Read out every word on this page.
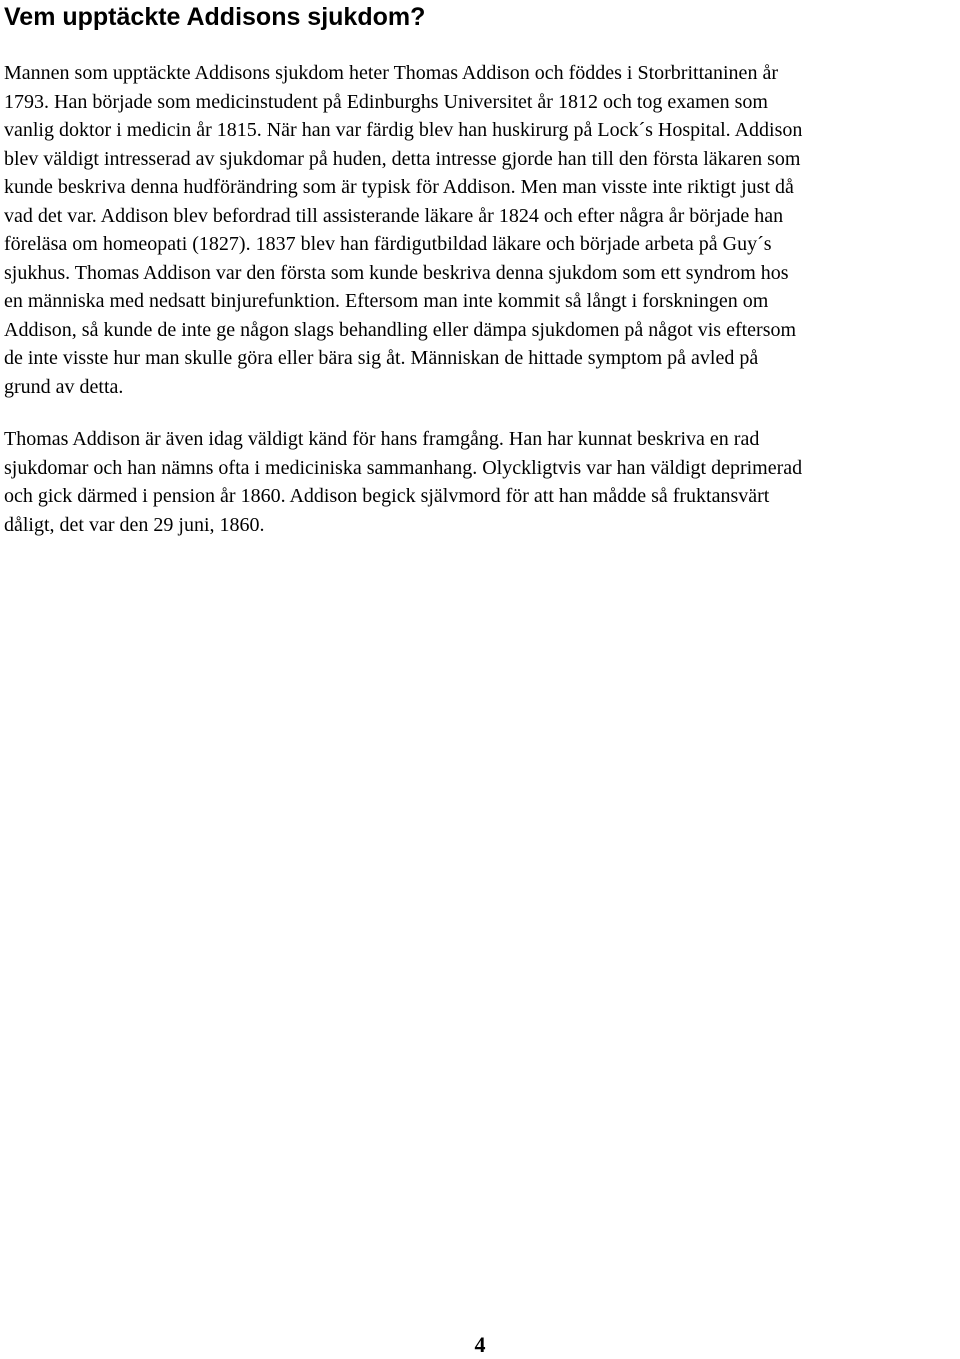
Vem upptäckte Addisons sjukdom?

Mannen som upptäckte Addisons sjukdom heter Thomas Addison och föddes i Storbrittaninen år
1793. Han började som medicinstudent på Edinburghs Universitet år 1812 och tog examen som
vanlig doktor i medicin år 1815. När han var färdig blev han huskirurg på Lock´s Hospital. Addison
blev väldigt intresserad av sjukdomar på huden, detta intresse gjorde han till den första läkaren som
kunde beskriva denna hudförändring som är typisk för Addison. Men man visste inte riktigt just då
vad det var. Addison blev befordrad till assisterande läkare år 1824 och efter några år började han
föreläsa om homeopati (1827). 1837 blev han färdigutbildad läkare och började arbeta på Guy´s
sjukhus. Thomas Addison var den första som kunde beskriva denna sjukdom som ett syndrom hos
en människa med nedsatt binjurefunktion. Eftersom man inte kommit så långt i forskningen om
Addison, så kunde de inte ge någon slags behandling eller dämpa sjukdomen på något vis eftersom
de inte visste hur man skulle göra eller bära sig åt. Människan de hittade symptom på avled på
grund av detta.

Thomas Addison är även idag väldigt känd för hans framgång. Han har kunnat beskriva en rad
sjukdomar och han nämns ofta i mediciniska sammanhang. Olyckligtvis var han väldigt deprimerad
och gick därmed i pension år 1860. Addison begick självmord för att han mådde så fruktansvärt
dåligt, det var den 29 juni, 1860.

4
